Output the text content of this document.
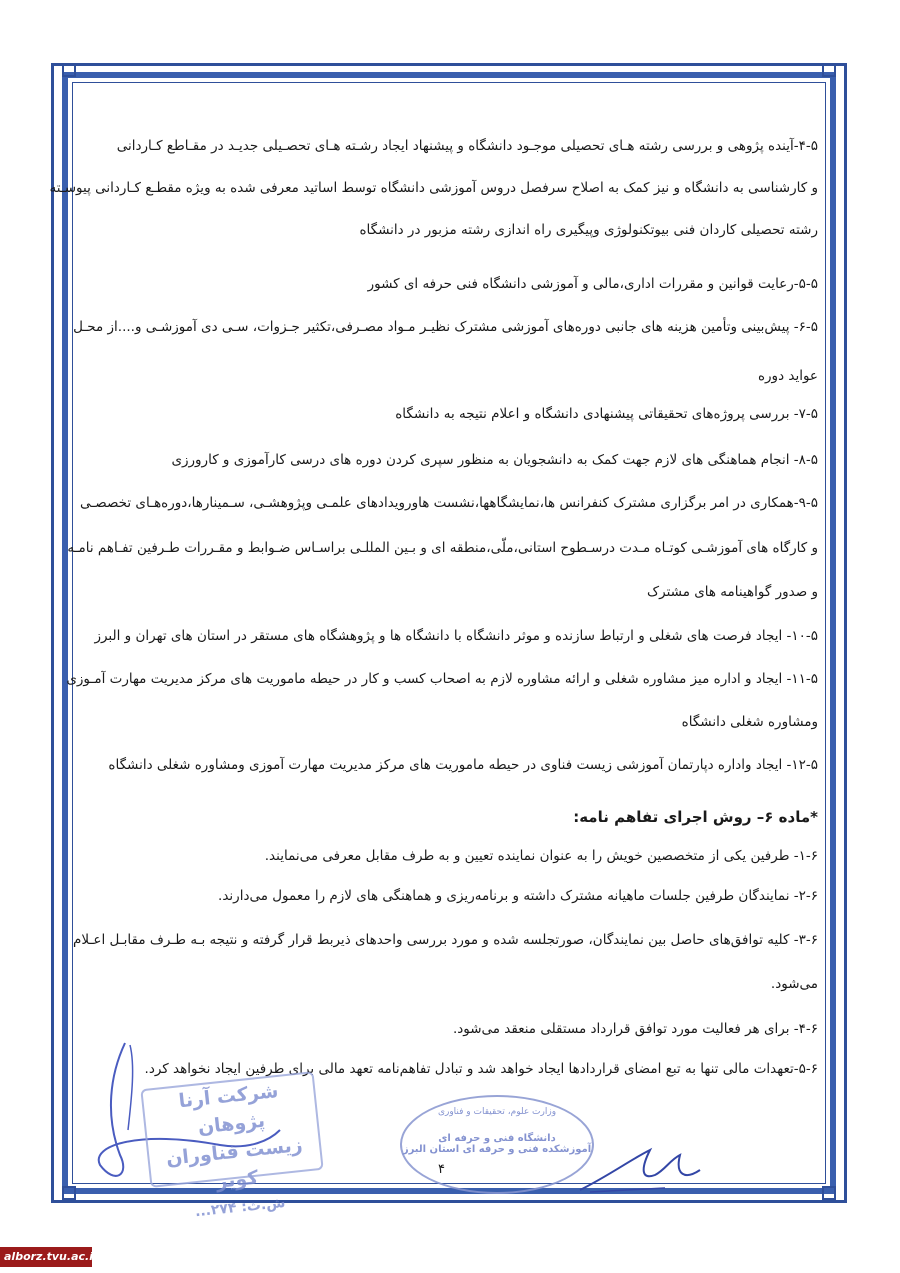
۴-۵-آینده پژوهی و بررسی رشته هـای تحصیلی موجـود دانشگاه و پیشنهاد ایجاد رشـته هـای تحصـیلی جدیـد در مقـاطع کـاردانی
و کارشناسی به دانشگاه و نیز کمک به اصلاح سرفصل دروس آموزشی دانشگاه توسط اساتید معرفی شده به ویژه مقطـع کـاردانی پیوسـته
رشته تحصیلی کاردان فنی بیوتکنولوژی وپیگیری راه اندازی رشته مزبور در دانشگاه
۵-۵-رعایت قوانین و مقررات اداری،مالی و آموزشی دانشگاه فنی حرفه ای کشور
۶-۵- پیش‌بینی وتأمین هزینه های جانبی دوره‌های آموزشی مشترک نظیـر مـواد مصـرفی،تکثیر جـزوات، سـی دی آموزشـی و....از محـل
عواید دوره
۷-۵- بررسی پروژه‌های تحقیقاتی پیشنهادی دانشگاه و اعلام نتیجه به دانشگاه
۸-۵- انجام هماهنگی های لازم جهت کمک به دانشجویان به منظور سپری کردن دوره های درسی کارآموزی و کارورزی
۹-۵-همکاری در امر برگزاری مشترک کنفرانس ها،نمایشگاهها،نشست هاورویدادهای علمـی وپژوهشـی، سـمینارها،دوره‌هـای تخصصـی
و کارگاه های آموزشـی کوتـاه مـدت درسـطوح استانی،ملّی،منطقه ای و بـین المللـی براسـاس ضـوابط و مقـررات طـرفین تفـاهم نامـه
و صدور گواهینامه های مشترک
۱۰-۵- ایجاد فرصت های شغلی و ارتباط سازنده و موثر دانشگاه با دانشگاه ها و پژوهشگاه های مستقر در استان های تهران و البرز
۱۱-۵- ایجاد و اداره میز مشاوره شغلی و ارائه مشاوره لازم به اصحاب کسب و کار در حیطه ماموریت های مرکز مدیریت مهارت آمـوزی
ومشاوره شغلی دانشگاه
۱۲-۵- ایجاد واداره دپارتمان آموزشی زیست فناوی در حیطه ماموریت های مرکز مدیریت مهارت آموزی ومشاوره شغلی دانشگاه
*ماده ۶– روش اجرای تفاهم نامه:
۱-۶- طرفین یکی از متخصصین خویش را به عنوان نماینده تعیین و به طرف مقابل معرفی می‌نمایند.
۲-۶- نمایندگان طرفین جلسات ماهیانه مشترک داشته و برنامه‌ریزی و هماهنگی های لازم را معمول می‌دارند.
۳-۶- کلیه توافق‌های حاصل بین نمایندگان، صورتجلسه شده و مورد بررسی واحدهای ذیربط قرار گرفته و نتیجه بـه طـرف مقابـل اعـلام
می‌شود.
۴-۶- برای هر فعالیت مورد توافق قرارداد مستقلی منعقد می‌شود.
۵-۶-تعهدات مالی تنها به تبع امضای قراردادها ایجاد خواهد شد و تبادل تفاهم‌نامه تعهد مالی برای طرفین ایجاد نخواهد کرد.
شرکت آرنا پژوهان
زیست فناوران کویر
ش.ث: ۲۷۴...
وزارت علوم، تحقیقات و فناوری
دانشگاه فنی و حرفه ای
آموزشکده فنی و حرفه ای استان البرز
۴
alborz.tvu.ac.ir
